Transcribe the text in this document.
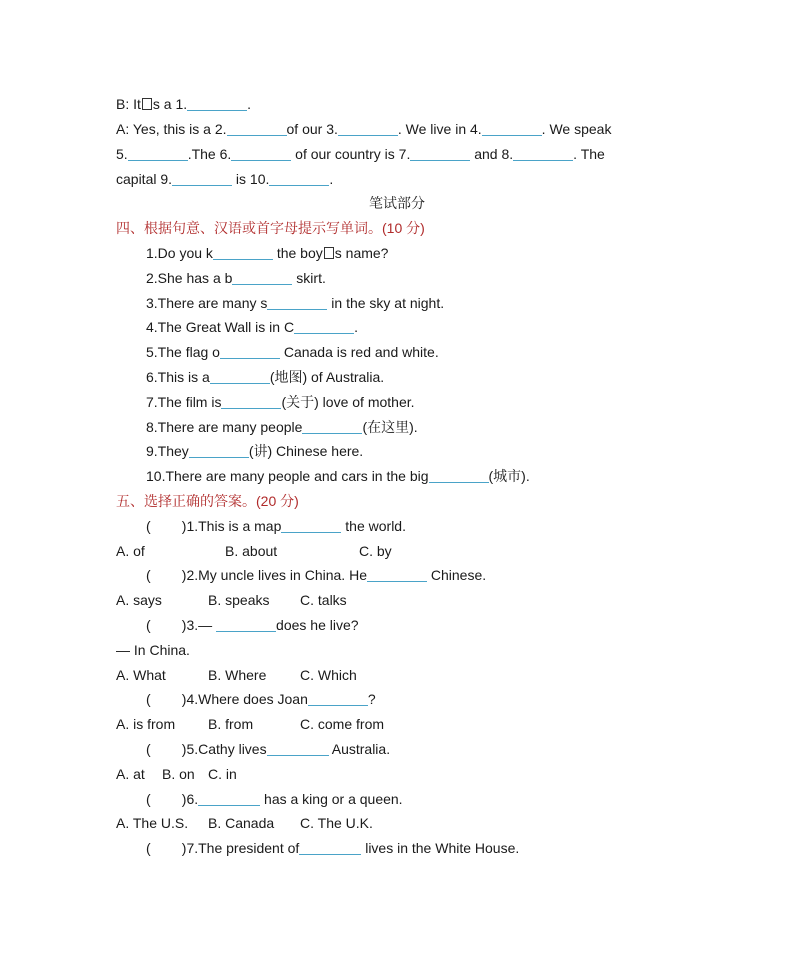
B: It s a 1.	.
A: Yes, this is a 2.	of our 3.	. We live in 4.	. We speak
5.	.The 6.	of our country is 7.	and 8.	. The
capital 9.	is 10.	.
笔试部分
四、根据句意、汉语或首字母提示写单词。(10 分)
1.Do you k	the boy s name?
2.She has a b	skirt.
3.There are many s	in the sky at night.
4.The Great Wall is in C	.
5.The flag o	Canada is red and white.
6.This is a	(地图) of Australia.
7.The film is	(关于) love of mother.
8.There are many people	(在这里).
9.They	(讲) Chinese here.
10.There are many people and cars in the big	(城市).
五、选择正确的答案。(20 分)
(        )1.This is a map	the world.
A. of	B. about	C. by
(        )2.My uncle lives in China. He	Chinese.
A. says	B. speaks C. talks
(        )3.—	does he live?
— In China.
A. What	B. Where C. Which
(        )4.Where does Joan	?
A. is from B. from	C. come from
(        )5.Cathy lives	Australia.
A. at B. on C. in
(        )6.	has a king or a queen.
A. The U.S. B. Canada C. The U.K.
(        )7.The president of	lives in the White House.
